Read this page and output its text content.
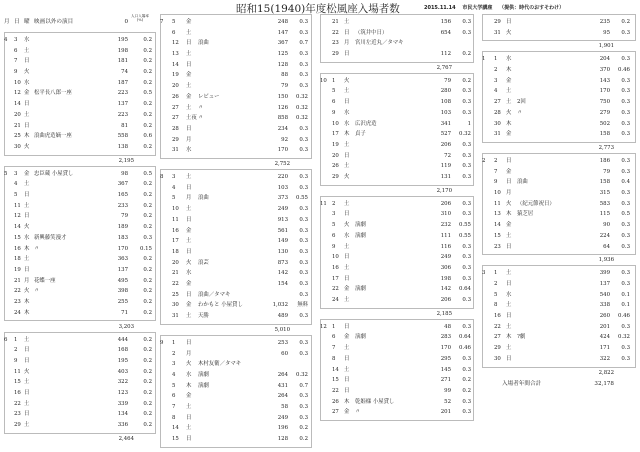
昭和15(1940)年度松風座入場者数	2015.11.14 市民大学講座 （提供：時代のおすそわけ）
月 日 曜 映画以外の演目	0
人口入場率(%)
4	3	水	195	0.2
6	土	198	0.2
7	日	181	0.2
9	火	74	0.2
10 水	187	0.2
12 金 松平長八郎一座	223	0.5
14 日	137	0.2
20 土	223	0.2
21 日	81	0.2
25 木 浪曲虎造嫡一座	558	0.6
30 火	138	0.2
2,195
5	3	金 忠臣蔵 小屋貸し	98	0.5
4	土	367	0.2
5	日	165	0.2
11 土	233	0.2
12 日	79	0.2
14 火	189	0.2
15 水 新興藤笑漫才	183	0.3
16 木 〃	170	0.15
18 土	363	0.2
19 日	137	0.2
21 月 花蝶一座	495	0.2
22 火 〃	398	0.2
23 木	255	0.2
24 木	71	0.2
3,203
6	1	土	444	0.2
2	日	168	0.2
9	日	195	0.2
11 火	403	0.2
15 土	322	0.2
16 日	123	0.2
22 土	339	0.2
23 日	134	0.2
29 土	336	0.2
2,464
7	5	金	248	0.3
6	土	147	0.3
12	日	浪曲	367	0.7
13	土	125	0.3
14	日	128	0.3
19	金	88	0.3
20	土	79	0.3
26	金	レビュー	150	0.32
27	土	〃	126	0.32
27	土夜 〃	858	0.32
28	日	234	0.3
29	月	92	0.3
31	水	170	0.3
2,752
8	3	土	220	0.3
4	日	103	0.3
5	月	浪曲	373	0.55
10	土	249	0.3
11	日	913	0.3
16	金	561	0.3
17	土	149	0.3
18	日	130	0.3
20	火	浪芸	873	0.3
21	水	142	0.3
22	金	154	0.3
25	日	浪曲／タマキ	0.3
30	金	わかもと 小屋貸し	1,032	無料
31	土	天勝	489	0.3
5,010
9	1	日	253	0.3
2	月	60	0.3
3	火	木村友衛／タマキ
4	水	演劇	264	0.32
5	木	演劇	431	0.7
6	金	264	0.3
7	土	58	0.3
8	日	249	0.3
14	土	196	0.2
15	日	128	0.2
21 土	156	0.3
22 日	（筑井中日）	654	0.3
23 月	宮川左近丸／タマキ
29 日	112	0.2
2,767
10 1	火	79	0.2
5	土	280	0.3
6	日	108	0.3
9	水	103	0.3
10 水	広沢虎造	341	1
17 木	貞子	527	0.32
19 土	206	0.3
20 日	72	0.3
26 土	119	0.3
29 火	131	0.3
2,170
11 2	土	206	0.3
3	日	310	0.3
5	火	演劇	232	0.55
6	水	演劇	111	0.55
9	土	116	0.3
10 日	249	0.3
16 土	306	0.3
17 日	198	0.3
22 金	演劇	142	0.64
24 土	206	0.3
2,185
12 1	日	48	0.3
6	金	演劇	283	0.64
7	土	170	0.46
8	日	295	0.3
14 土	145	0.3
15 日	271	0.2
22 日	99	0.2
26 木	乾姫様 小屋貸し	52	0.3
27 金	〃	201	0.3
29 日	235	0.2
31 火	95	0.3
1,901
1	1	水	204	0.3
2	木	370	0.46
3	金	143	0.3
4	土	170	0.3
27 土	2回	750	0.3
28 火	〃	279	0.3
30 木	502	0.3
31 金	158	0.3
2,773
2	2	日	186	0.3
7	金	79	0.3
9	日	浪曲	158	0.4
10 月	315	0.3
11 火	（紀元節祝日）	583	0.3
13 木	猿芝居	115	0.5
14 金	90	0.3
15 土	224	0.3
23 日	64	0.3
1,936
3	1	土	399	0.3
2	日	137	0.3
5	水	540	0.1
8	土	338	0.1
16 日	260	0.46
22 土	201	0.3
27 木	?劇	424	0.32
29 土	171	0.3
30 日	322	0.3
2,822
入場者年間合計	32,178
